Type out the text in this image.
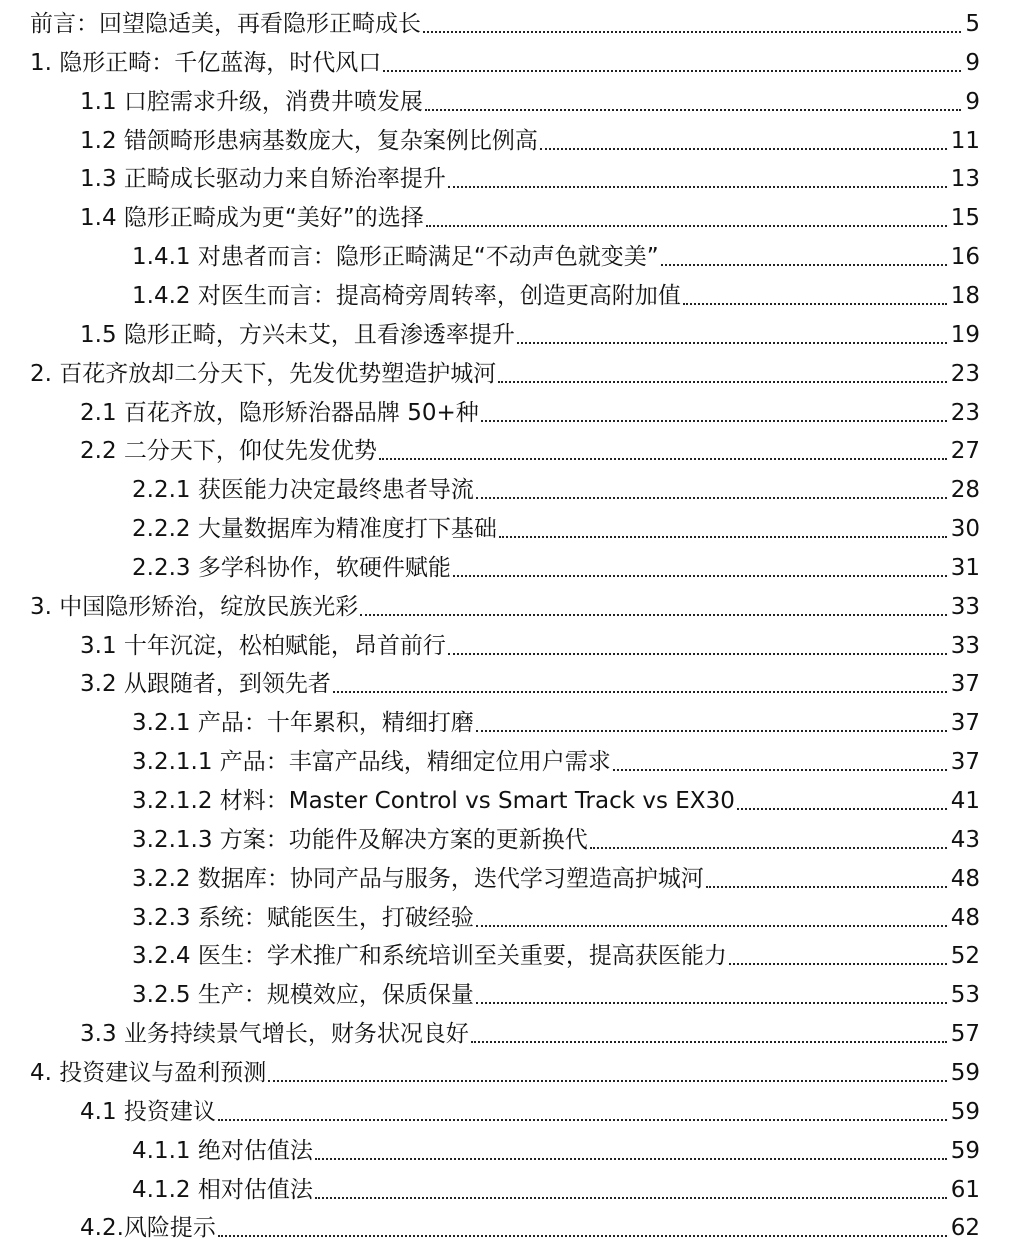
前言：回望隐适美，再看隐形正畸成长	5
1. 隐形正畸：千亿蓝海，时代风口	9
1.1 口腔需求升级，消费井喷发展	9
1.2 错颌畸形患病基数庞大，复杂案例比例高	11
1.3 正畸成长驱动力来自矫治率提升	13
1.4 隐形正畸成为更“美好”的选择	15
1.4.1 对患者而言：隐形正畸满足“不动声色就变美”	16
1.4.2 对医生而言：提高椅旁周转率，创造更高附加值	18
1.5 隐形正畸，方兴未艾，且看渗透率提升	19
2. 百花齐放却二分天下，先发优势塑造护城河	23
2.1 百花齐放，隐形矫治器品牌 50+种	23
2.2 二分天下，仰仗先发优势	27
2.2.1 获医能力决定最终患者导流	28
2.2.2 大量数据库为精准度打下基础	30
2.2.3 多学科协作，软硬件赋能	31
3. 中国隐形矫治，绽放民族光彩	33
3.1 十年沉淀，松柏赋能，昂首前行	33
3.2 从跟随者，到领先者	37
3.2.1 产品：十年累积，精细打磨	37
3.2.1.1 产品：丰富产品线，精细定位用户需求	37
3.2.1.2 材料：Master Control vs Smart Track vs EX30	41
3.2.1.3 方案：功能件及解决方案的更新换代	43
3.2.2 数据库：协同产品与服务，迭代学习塑造高护城河	48
3.2.3 系统：赋能医生，打破经验	48
3.2.4 医生：学术推广和系统培训至关重要，提高获医能力	52
3.2.5 生产：规模效应，保质保量	53
3.3 业务持续景气增长，财务状况良好	57
4. 投资建议与盈利预测	59
4.1 投资建议	59
4.1.1 绝对估值法	59
4.1.2 相对估值法	61
4.2.风险提示	62
